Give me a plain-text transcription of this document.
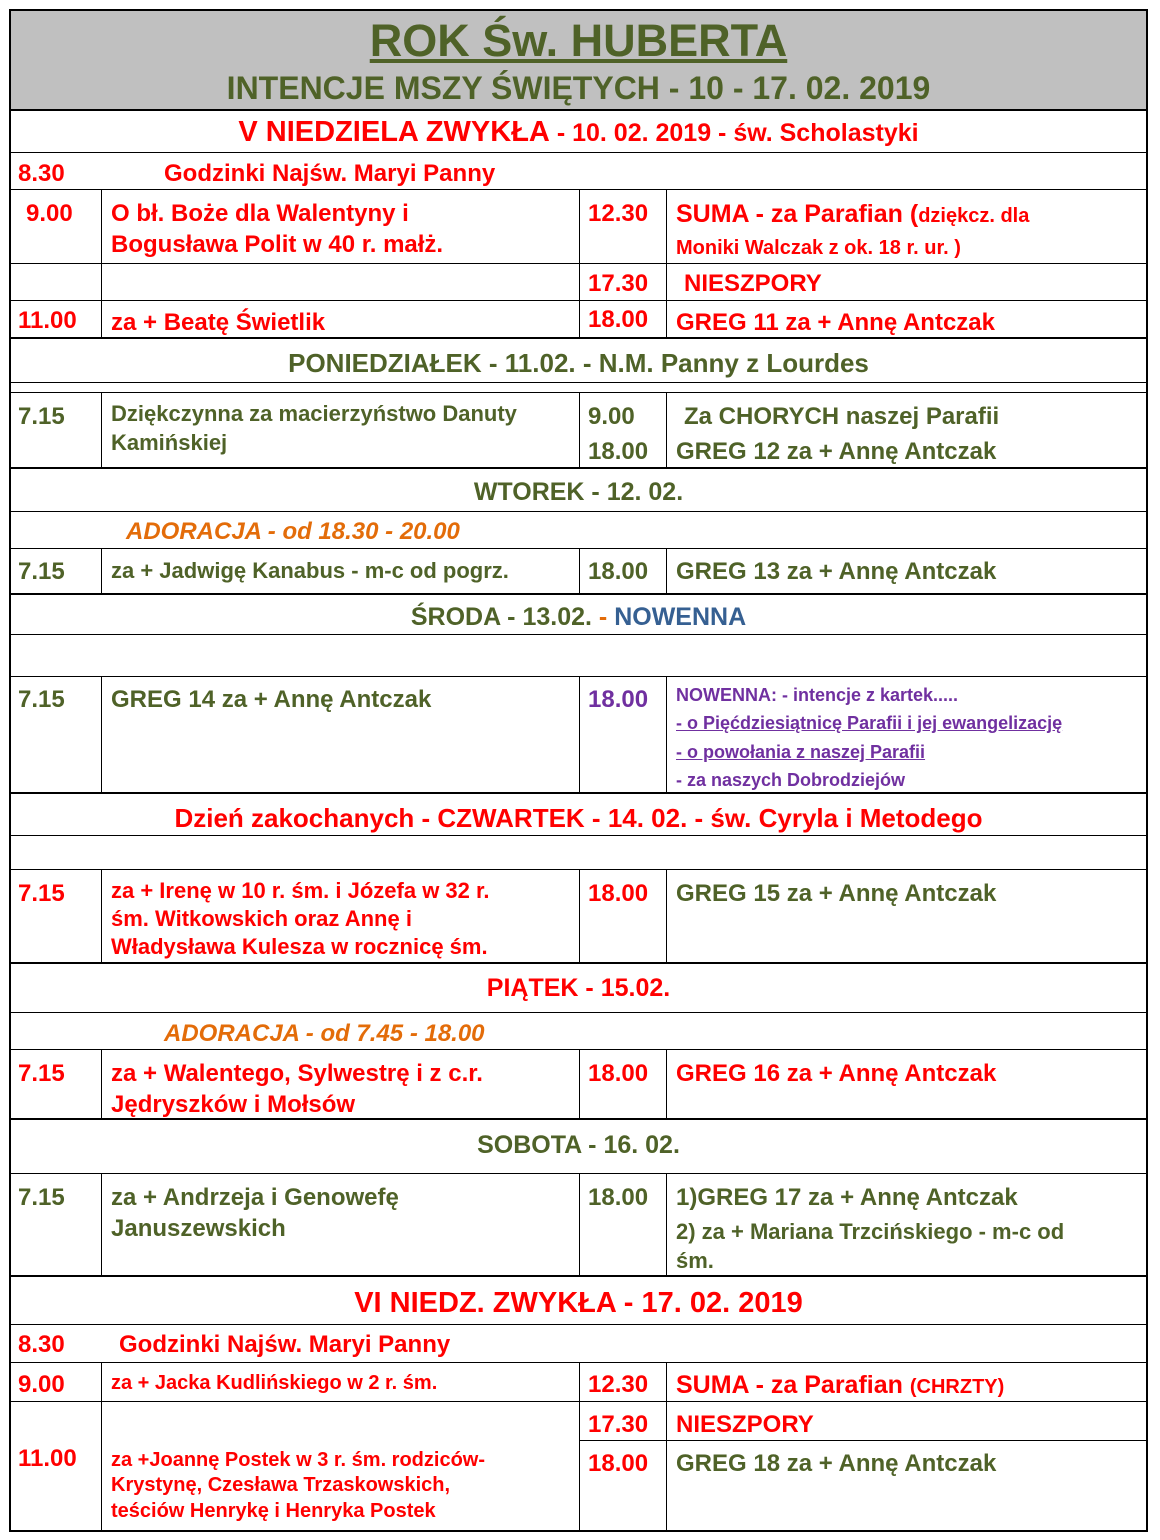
ROK Św. HUBERTA
INTENCJE MSZY ŚWIĘTYCH - 10 - 17. 02. 2019
V NIEDZIELA ZWYKŁA - 10. 02. 2019 - św. Scholastyki
8.30	Godzinki Najśw. Maryi Panny
9.00 O bł. Boże dla Walentyny i
Bogusława Polit w 40 r. małż.
12.30 SUMA - za Parafian (dziękcz. dla
Moniki Walczak z ok. 18 r. ur. )
17.30 NIESZPORY
11.00 za + Beatę Świetlik	18.00 GREG 11 za + Annę Antczak
PONIEDZIAŁEK - 11.02. - N.M. Panny z Lourdes
7.15 Dziękczynna za macierzyństwo Danuty
Kamińskiej
9.00 Za CHORYCH naszej Parafii
18.00 GREG 12 za + Annę Antczak
WTOREK - 12. 02.
ADORACJA - od 18.30 - 20.00
7.15 za + Jadwigę Kanabus - m-c od pogrz.	18.00 GREG 13 za + Annę Antczak
ŚRODA - 13.02. - NOWENNA
7.15 GREG 14 za + Annę Antczak	18.00 NOWENNA: - intencje z kartek.....
- o Pięćdziesiątnicę Parafii i jej ewangelizację
- o powołania z naszej Parafii
- za naszych Dobrodziejów
Dzień zakochanych - CZWARTEK - 14. 02. - św. Cyryla i Metodego
7.15 za + Irenę w 10 r. śm. i Józefa w 32 r.
śm. Witkowskich oraz Annę i
Władysława Kulesza w rocznicę śm.
18.00 GREG 15 za + Annę Antczak
PIĄTEK - 15.02.
ADORACJA - od 7.45 - 18.00
7.15 za + Walentego, Sylwestrę i z c.r.
Jędryszków i Mołsów
18.00 GREG 16 za + Annę Antczak
SOBOTA - 16. 02.
7.15 za + Andrzeja i Genowefę
Januszewskich
18.00 1)GREG 17 za + Annę Antczak
2) za + Mariana Trzcińskiego - m-c od
śm.
VI NIEDZ. ZWYKŁA - 17. 02. 2019
8.30 Godzinki Najśw. Maryi Panny
9.00 za + Jacka Kudlińskiego w 2 r. śm.	12.30 SUMA - za Parafian (CHRZTY)
17.30 NIESZPORY
11.00 za +Joannę Postek w 3 r. śm. rodziców-
Krystynę, Czesława Trzaskowskich,
teściów Henrykę i Henryka Postek
18.00 GREG 18 za + Annę Antczak
